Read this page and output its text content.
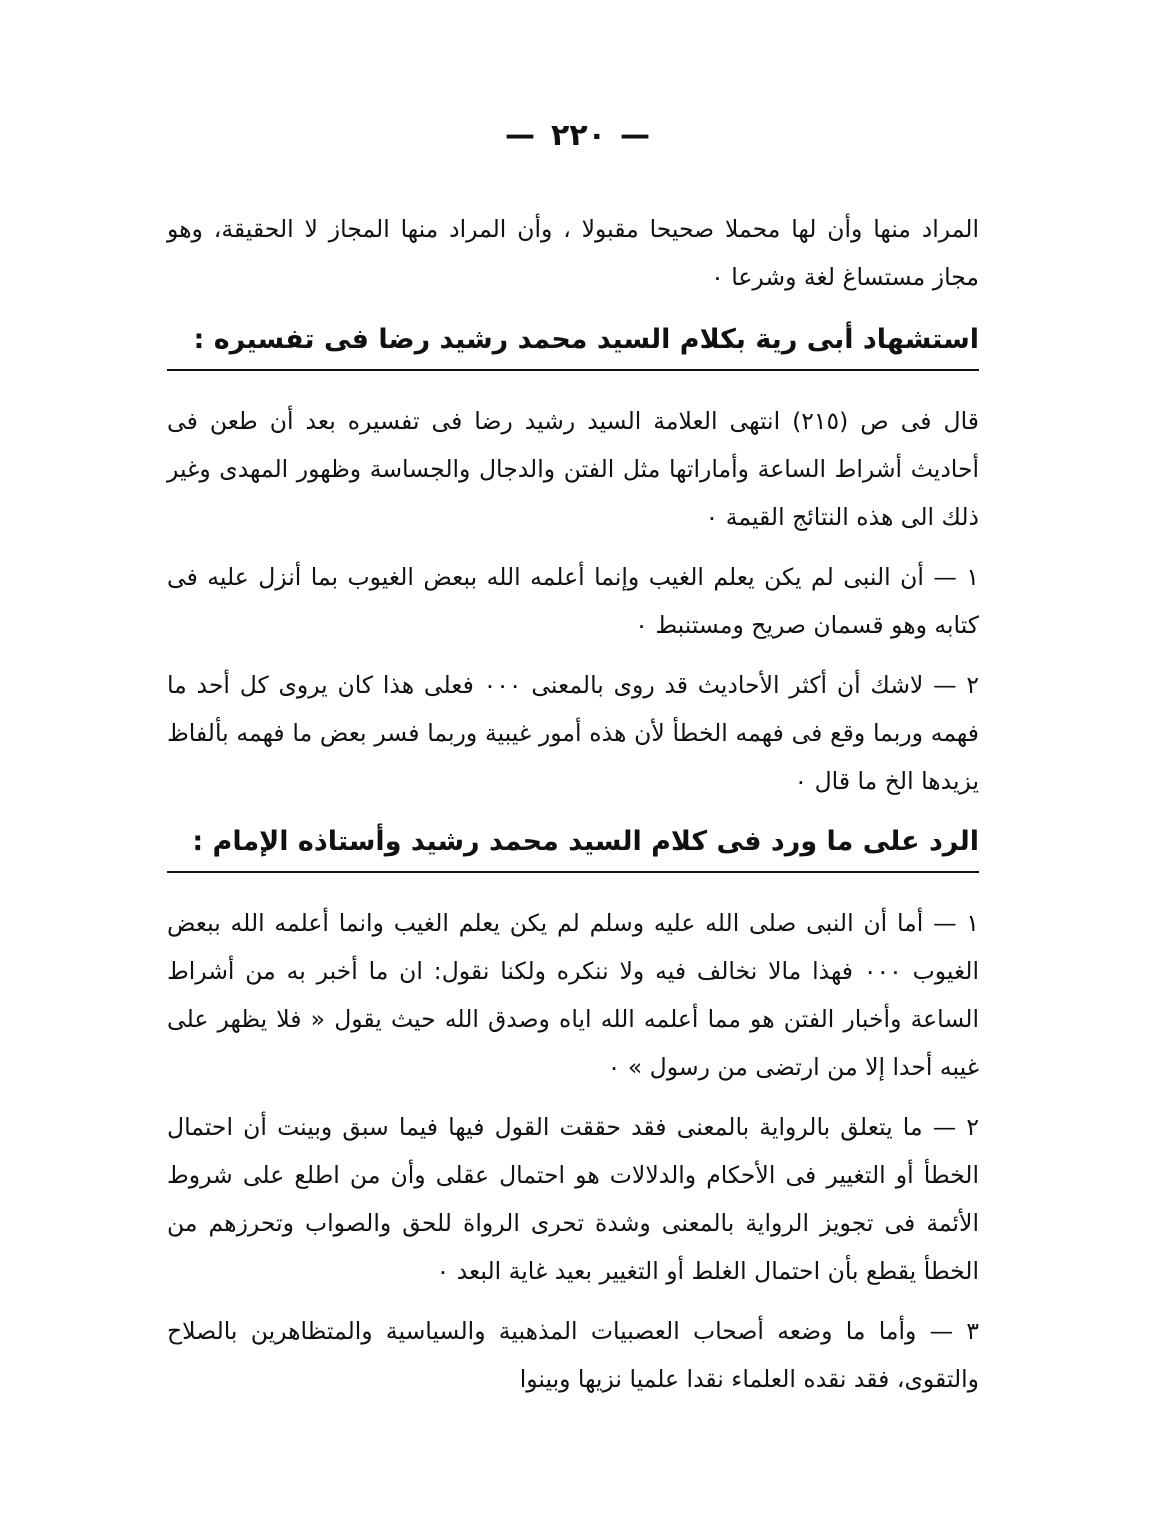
— ٢٢٠ —

المراد منها وأن لها محملا صحيحا مقبولا ، وأن المراد منها المجاز لا الحقيقة، وهو مجاز مستساغ لغة وشرعا ٠

استشهاد أبى رية بكلام السيد محمد رشيد رضا فى تفسيره :

قال فى ص (٢١٥) انتهى العلامة السيد رشيد رضا فى تفسيره بعد أن طعن فى أحاديث أشراط الساعة وأماراتها مثل الفتن والدجال والجساسة وظهور المهدى وغير ذلك الى هذه النتائج القيمة ٠

١ — أن النبى لم يكن يعلم الغيب وإنما أعلمه الله ببعض الغيوب بما أنزل عليه فى كتابه وهو قسمان صريح ومستنبط ٠

٢ — لاشك أن أكثر الأحاديث قد روى بالمعنى ٠٠٠ فعلى هذا كان يروى كل أحد ما فهمه وربما وقع فى فهمه الخطأ لأن هذه أمور غيبية وربما فسر بعض ما فهمه بألفاظ يزيدها الخ ما قال ٠

الرد على ما ورد فى كلام السيد محمد رشيد وأستاذه الإمام :

١ — أما أن النبى صلى الله عليه وسلم لم يكن يعلم الغيب وانما أعلمه الله ببعض الغيوب ٠٠٠ فهذا مالا نخالف فيه ولا ننكره ولكنا نقول: ان ما أخبر به من أشراط الساعة وأخبار الفتن هو مما أعلمه الله اياه وصدق الله حيث يقول « فلا يظهر على غيبه أحدا إلا من ارتضى من رسول » ٠

٢ — ما يتعلق بالرواية بالمعنى فقد حققت القول فيها فيما سبق وبينت أن احتمال الخطأ أو التغيير فى الأحكام والدلالات هو احتمال عقلى وأن من اطلع على شروط الأئمة فى تجويز الرواية بالمعنى وشدة تحرى الرواة للحق والصواب وتحرزهم من الخطأ يقطع بأن احتمال الغلط أو التغيير بعيد غاية البعد ٠

٣ — وأما ما وضعه أصحاب العصبيات المذهبية والسياسية والمتظاهرين بالصلاح والتقوى، فقد نقده العلماء نقدا علميا نزيها وبينوا
